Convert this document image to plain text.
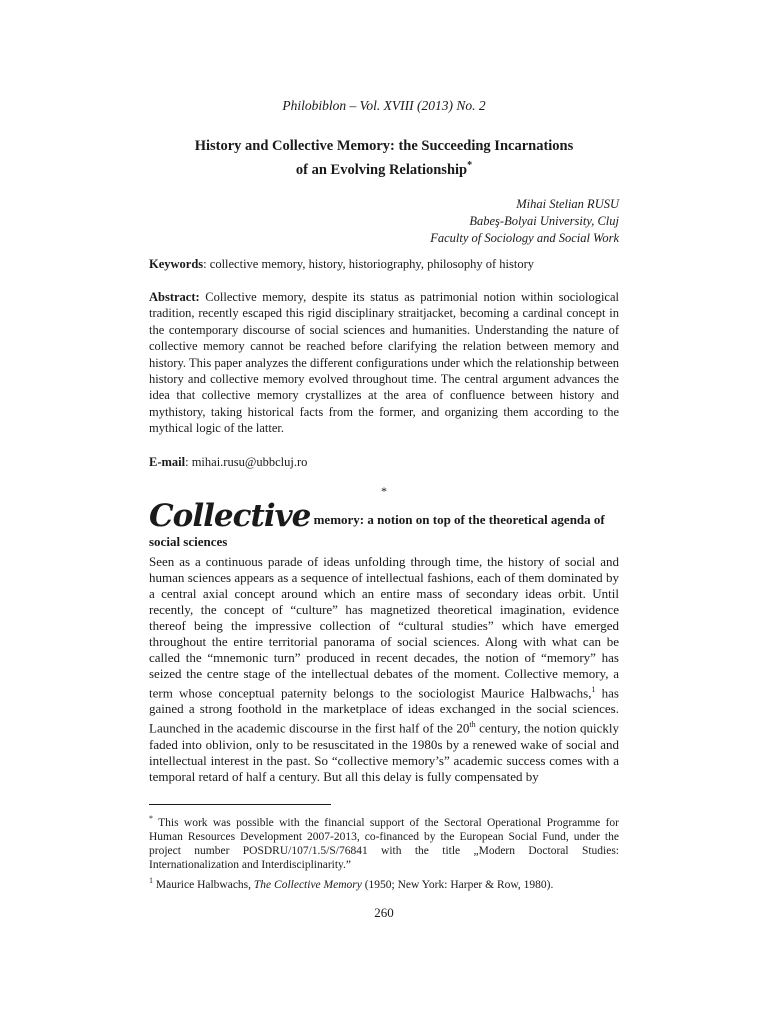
Philobiblon – Vol. XVIII (2013) No. 2
History and Collective Memory: the Succeeding Incarnations
of an Evolving Relationship*
Mihai Stelian RUSU
Babeş-Bolyai University, Cluj
Faculty of Sociology and Social Work
Keywords: collective memory, history, historiography, philosophy of history
Abstract: Collective memory, despite its status as patrimonial notion within sociological tradition, recently escaped this rigid disciplinary straitjacket, becoming a cardinal concept in the contemporary discourse of social sciences and humanities. Understanding the nature of collective memory cannot be reached before clarifying the relation between memory and history. This paper analyzes the different configurations under which the relationship between history and collective memory evolved throughout time. The central argument advances the idea that collective memory crystallizes at the area of confluence between history and mythistory, taking historical facts from the former, and organizing them according to the mythical logic of the latter.
E-mail: mihai.rusu@ubbcluj.ro
*
Collective memory: a notion on top of the theoretical agenda of social sciences
Seen as a continuous parade of ideas unfolding through time, the history of social and human sciences appears as a sequence of intellectual fashions, each of them dominated by a central axial concept around which an entire mass of secondary ideas orbit. Until recently, the concept of “culture” has magnetized theoretical imagination, evidence thereof being the impressive collection of “cultural studies” which have emerged throughout the entire territorial panorama of social sciences. Along with what can be called the “mnemonic turn” produced in recent decades, the notion of “memory” has seized the centre stage of the intellectual debates of the moment. Collective memory, a term whose conceptual paternity belongs to the sociologist Maurice Halbwachs,$^1$ has gained a strong foothold in the marketplace of ideas exchanged in the social sciences. Launched in the academic discourse in the first half of the 20th century, the notion quickly faded into oblivion, only to be resuscitated in the 1980s by a renewed wake of social and intellectual interest in the past. So “collective memory’s” academic success comes with a temporal retard of half a century. But all this delay is fully compensated by
* This work was possible with the financial support of the Sectoral Operational Programme for Human Resources Development 2007-2013, co-financed by the European Social Fund, under the project number POSDRU/107/1.5/S/76841 with the title „Modern Doctoral Studies: Internationalization and Interdisciplinarity.”
$^1$ Maurice Halbwachs, The Collective Memory (1950; New York: Harper & Row, 1980).
260
